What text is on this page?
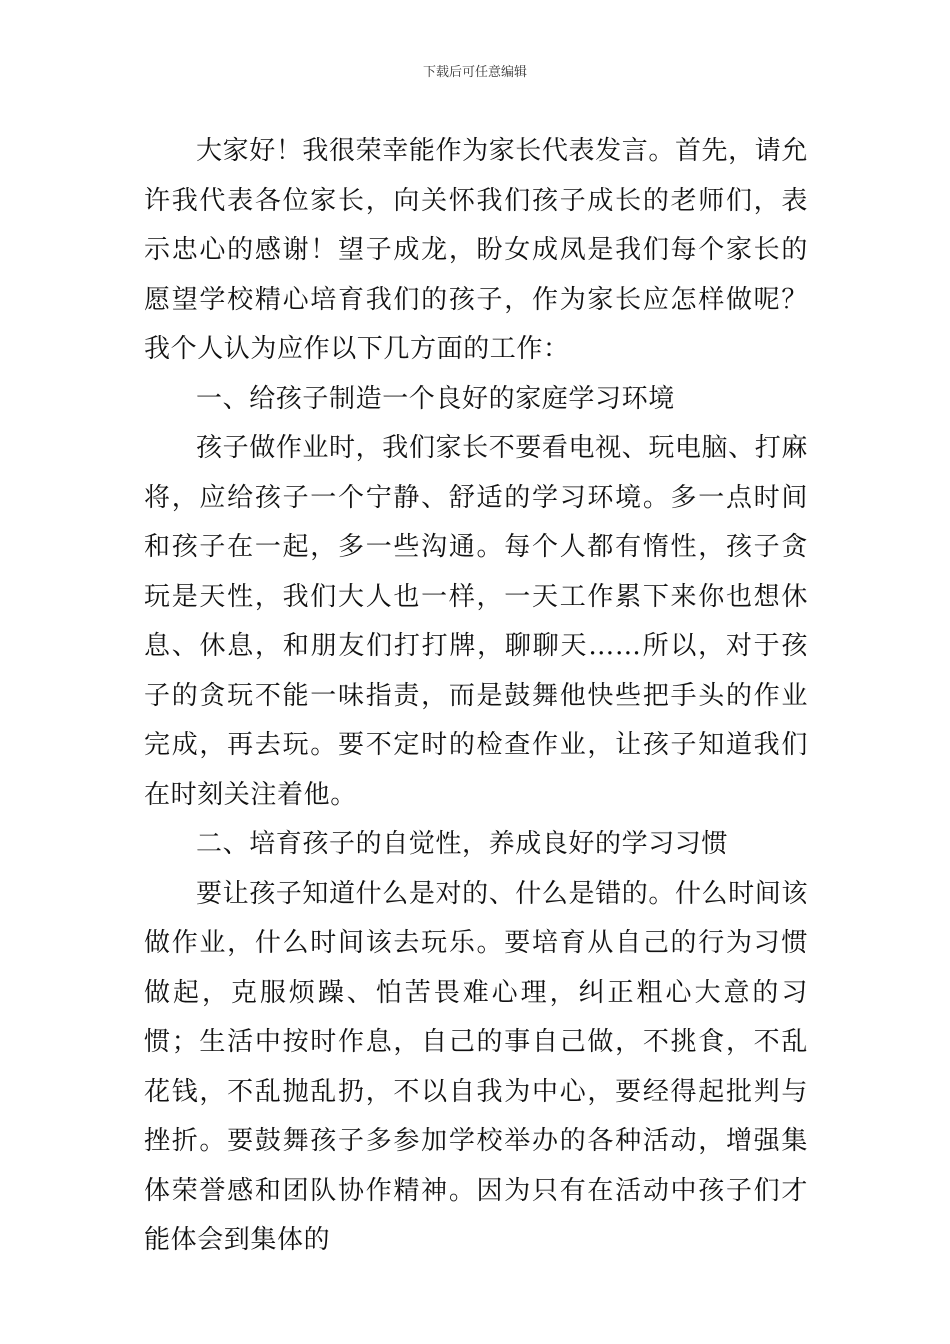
下载后可任意编辑

大家好！我很荣幸能作为家长代表发言。首先，请允许我代表各位家长，向关怀我们孩子成长的老师们，表示忠心的感谢！望子成龙，盼女成凤是我们每个家长的愿望学校精心培育我们的孩子，作为家长应怎样做呢？我个人认为应作以下几方面的工作：

一、给孩子制造一个良好的家庭学习环境

孩子做作业时，我们家长不要看电视、玩电脑、打麻将，应给孩子一个宁静、舒适的学习环境。多一点时间和孩子在一起，多一些沟通。每个人都有惰性，孩子贪玩是天性，我们大人也一样，一天工作累下来你也想休息、休息，和朋友们打打牌，聊聊天……所以，对于孩子的贪玩不能一味指责，而是鼓舞他快些把手头的作业完成，再去玩。要不定时的检查作业，让孩子知道我们在时刻关注着他。

二、培育孩子的自觉性，养成良好的学习习惯

要让孩子知道什么是对的、什么是错的。什么时间该做作业，什么时间该去玩乐。要培育从自己的行为习惯做起，克服烦躁、怕苦畏难心理，纠正粗心大意的习惯；生活中按时作息，自己的事自己做，不挑食，不乱花钱，不乱抛乱扔，不以自我为中心，要经得起批判与挫折。要鼓舞孩子多参加学校举办的各种活动，增强集体荣誉感和团队协作精神。因为只有在活动中孩子们才能体会到集体的
